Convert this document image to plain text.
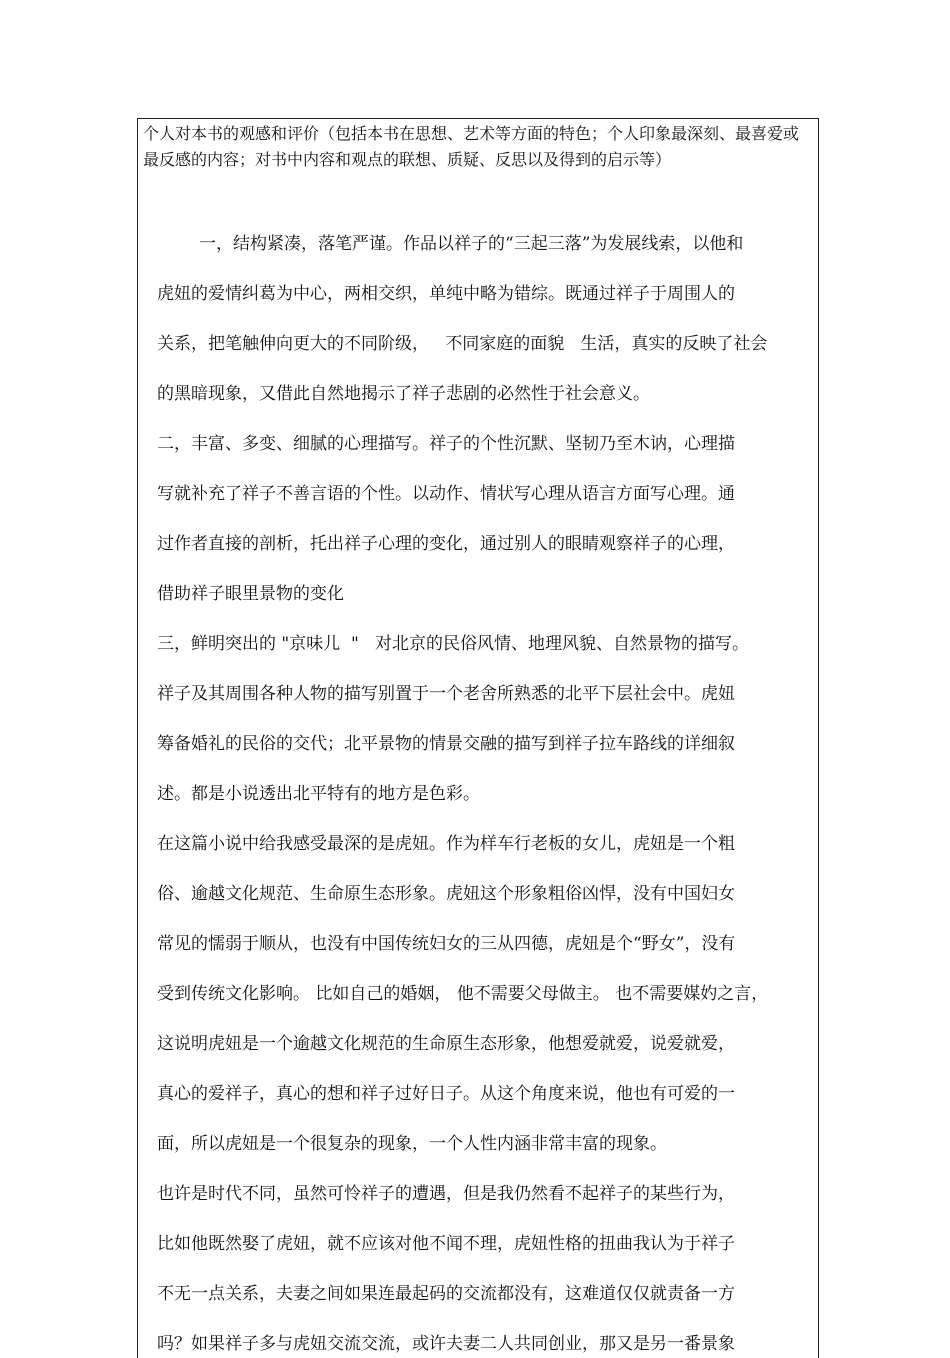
个人对本书的观感和评价（包括本书在思想、艺术等方面的特色；个人印象最深刻、最喜爱或最反感的内容；对书中内容和观点的联想、质疑、反思以及得到的启示等）
一，结构紧凑，落笔严谨。作品以祥子的“三起三落”为发展线索，以他和
虎妞的爱情纠葛为中心，两相交织，单纯中略为错综。既通过祥子于周围人的
关系，把笔触伸向更大的不同阶级，   不同家庭的面貌   生活，真实的反映了社会
的黑暗现象，又借此自然地揭示了祥子悲剧的必然性于社会意义。
二，丰富、多变、细腻的心理描写。祥子的个性沉默、坚韧乃至木讷，心理描
写就补充了祥子不善言语的个性。以动作、情状写心理从语言方面写心理。通
过作者直接的剖析，托出祥子心理的变化，通过别人的眼睛观察祥子的心理，
借助祥子眼里景物的变化
三，鲜明突出的 "京味儿  "   对北京的民俗风情、地理风貌、自然景物的描写。
祥子及其周围各种人物的描写别置于一个老舍所熟悉的北平下层社会中。虎妞
筹备婚礼的民俗的交代；北平景物的情景交融的描写到祥子拉车路线的详细叙
述。都是小说透出北平特有的地方是色彩。
在这篇小说中给我感受最深的是虎妞。作为样车行老板的女儿，虎妞是一个粗
俗、逾越文化规范、生命原生态形象。虎妞这个形象粗俗凶悍，没有中国妇女
常见的懦弱于顺从，也没有中国传统妇女的三从四德，虎妞是个“野女”，没有
受到传统文化影响。 比如自己的婚姻， 他不需要父母做主。 也不需要媒妁之言，
这说明虎妞是一个逾越文化规范的生命原生态形象，他想爱就爱，说爱就爱，
真心的爱祥子，真心的想和祥子过好日子。从这个角度来说，他也有可爱的一
面，所以虎妞是一个很复杂的现象，一个人性内涵非常丰富的现象。
也许是时代不同，虽然可怜祥子的遭遇，但是我仍然看不起祥子的某些行为，
比如他既然娶了虎妞，就不应该对他不闻不理，虎妞性格的扭曲我认为于祥子
不无一点关系，夫妻之间如果连最起码的交流都没有，这难道仅仅就责备一方
吗？如果祥子多与虎妞交流交流，或许夫妻二人共同创业，那又是另一番景象
